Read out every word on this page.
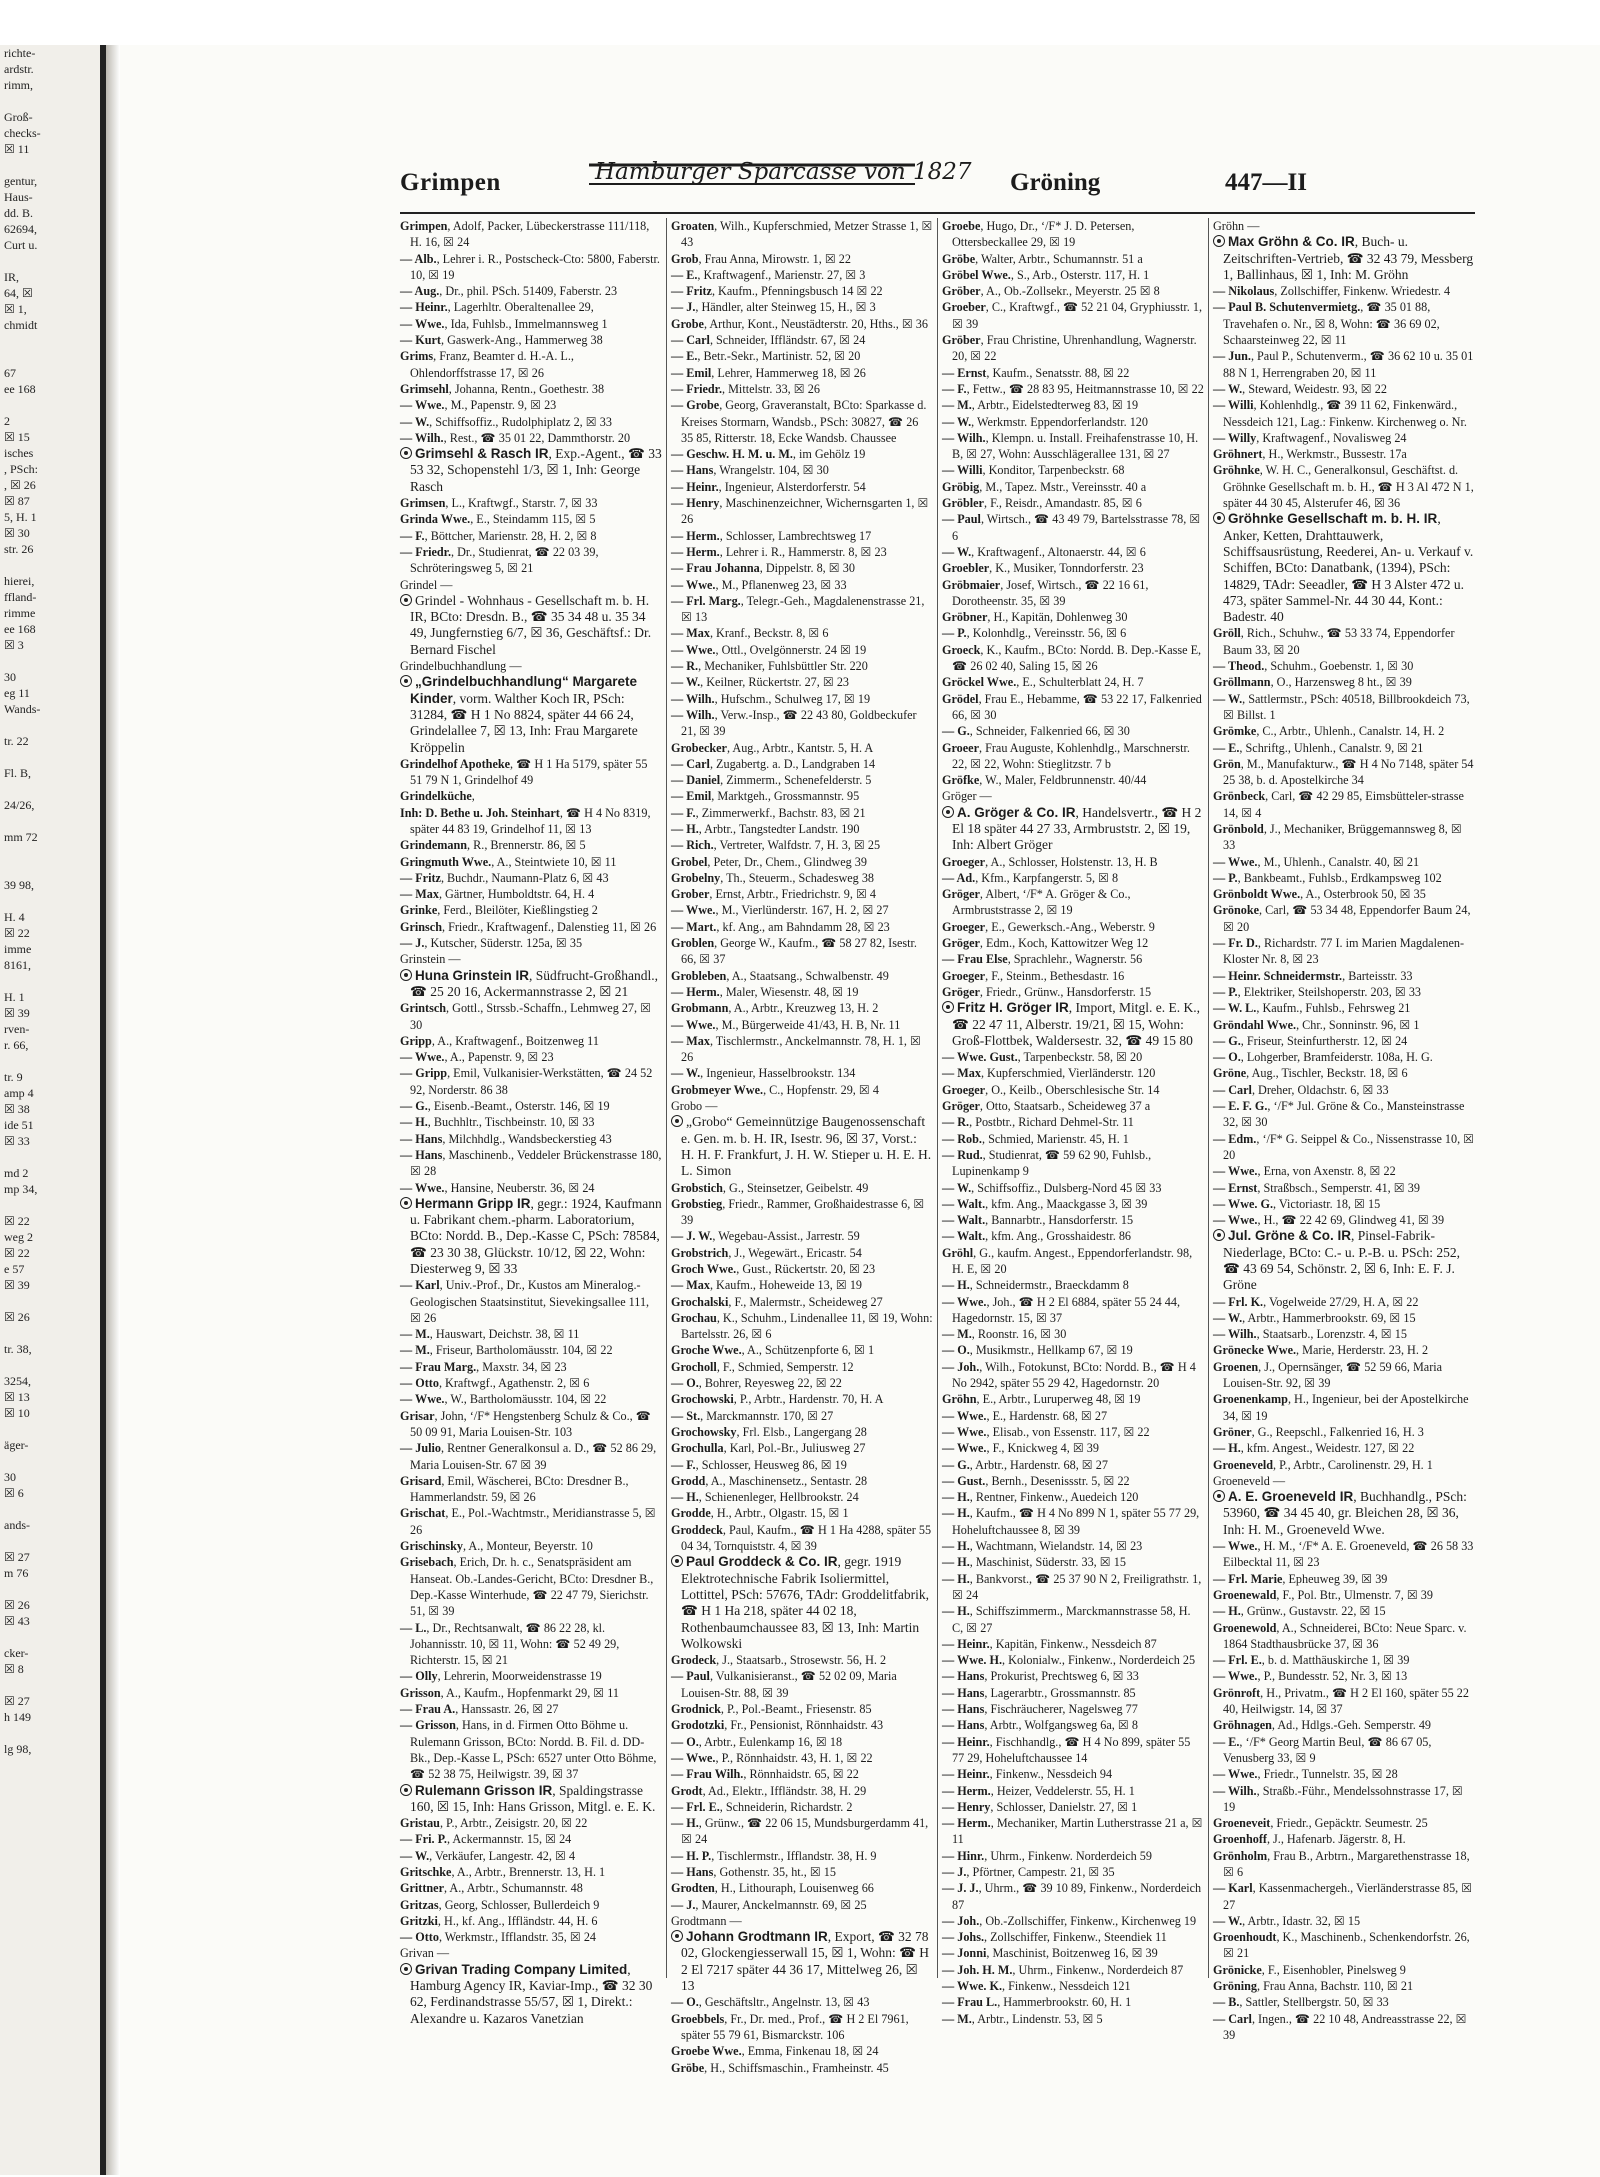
richte-
ardstr.
rimm,

Groß-
checks-
☒ 11

gentur,
Haus-
dd. B.
62694,
Curt u.

IR,
64, ☒
☒ 1,
chmidt

67
ee 168

2
☒ 15
isches
, PSch:
, ☒ 26
☒ 87
5, H. 1
☒ 30
str. 26

hierei,
ffland-
rimme
ee 168
☒ 3

30
eg 11
Wands-

tr. 22

Fl. B,

24/26,

mm 72

39 98,

H. 4
☒ 22
imme
8161,

H. 1
☒ 39
rven-
r. 66,

tr. 9
amp 4
☒ 38
ide 51
☒ 33

md 2
mp 34,

☒ 22
weg 2
☒ 22
e 57
☒ 39

☒ 26

tr. 38,

3254,
☒ 13
☒ 10

äger-

30
☒ 6

ands-

☒ 27
m 76

☒ 26
☒ 43

cker-
☒ 8

☒ 27
h 149

lg 98,

Grimpen	Hamburger Sparcasse von 1827 Gröning	447—II

Grimpen, Adolf, Packer, Lübeckerstrasse 111/118, H. 16, ☒ 24

— Alb., Lehrer i. R., Postscheck-Cto: 5800, Faberstr. 10, ☒ 19

— Aug., Dr., phil. PSch. 51409, Faberstr. 23

— Heinr., Lagerhltr. Oberaltenallee 29,

— Wwe., Ida, Fuhlsb., Immelmannsweg 1

— Kurt, Gaswerk-Ang., Hammerweg 38

Grims, Franz, Beamter d. H.-A. L., Ohlendorffstrasse 17, ☒ 26

Grimsehl, Johanna, Rentn., Goethestr. 38

— Wwe., M., Papenstr. 9, ☒ 23

— W., Schiffsoffiz., Rudolphiplatz 2, ☒ 33

— Wilh., Rest., ☎ 35 01 22, Dammthorstr. 20

Grimsehl & Rasch IR, Exp.-Agent., ☎ 33 53 32, Schopenstehl 1/3, ☒ 1, Inh: George Rasch

Grimsen, L., Kraftwgf., Starstr. 7, ☒ 33

Grinda Wwe., E., Steindamm 115, ☒ 5

— F., Böttcher, Marienstr. 28, H. 2, ☒ 8

— Friedr., Dr., Studienrat, ☎ 22 03 39, Schröteringsweg 5, ☒ 21

Grindel —

Grindel - Wohnhaus - Gesellschaft m. b. H. IR, BCto: Dresdn. B., ☎ 35 34 48 u. 35 34 49, Jungfernstieg 6/7, ☒ 36, Geschäftsf.: Dr. Bernard Fischel

Grindelbuchhandlung —

„Grindelbuchhandlung“ Margarete Kinder, vorm. Walther Koch IR, PSch: 31284, ☎ H 1 No 8824, später 44 66 24, Grindelallee 7, ☒ 13, Inh: Frau Margarete Kröppelin

Grindelhof Apotheke, ☎ H 1 Ha 5179, später 55 51 79 N 1, Grindelhof 49

Grindelküche,

Inh: D. Bethe u. Joh. Steinhart, ☎ H 4 No 8319, später 44 83 19, Grindelhof 11, ☒ 13

Grindemann, R., Brennerstr. 86, ☒ 5

Gringmuth Wwe., A., Steintwiete 10, ☒ 11

— Fritz, Buchdr., Naumann-Platz 6, ☒ 43

— Max, Gärtner, Humboldtstr. 64, H. 4

Grinke, Ferd., Bleilöter, Kießlingstieg 2

Grinsch, Friedr., Kraftwagenf., Dalenstieg 11, ☒ 26

— J., Kutscher, Süderstr. 125a, ☒ 35

Grinstein —

Huna Grinstein IR, Südfrucht-Großhandl., ☎ 25 20 16, Ackermannstrasse 2, ☒ 21

Grintsch, Gottl., Strssb.-Schaffn., Lehmweg 27, ☒ 30

Gripp, A., Kraftwagenf., Boitzenweg 11

— Wwe., A., Papenstr. 9, ☒ 23

— Gripp, Emil, Vulkanisier-Werkstätten, ☎ 24 52 92, Norderstr. 86 38

— G., Eisenb.-Beamt., Osterstr. 146, ☒ 19

— H., Buchhltr., Tischbeinstr. 10, ☒ 33

— Hans, Milchhdlg., Wandsbeckerstieg 43

— Hans, Maschinenb., Veddeler Brückenstrasse 180, ☒ 28

— Wwe., Hansine, Neuberstr. 36, ☒ 24

Hermann Gripp IR, gegr.: 1924, Kaufmann u. Fabrikant chem.-pharm. Laboratorium, BCto: Nordd. B., Dep.-Kasse C, PSch: 78584, ☎ 23 30 38, Glückstr. 10/12, ☒ 22, Wohn: Diesterweg 9, ☒ 33

— Karl, Univ.-Prof., Dr., Kustos am Mineralog.-Geologischen Staatsinstitut, Sievekingsallee 111, ☒ 26

— M., Hauswart, Deichstr. 38, ☒ 11

— M., Friseur, Bartholomäusstr. 104, ☒ 22

— Frau Marg., Maxstr. 34, ☒ 23

— Otto, Kraftwgf., Agathenstr. 2, ☒ 6

— Wwe., W., Bartholomäusstr. 104, ☒ 22

Grisar, John, ‘/F* Hengstenberg Schulz & Co., ☎ 50 09 91, Maria Louisen-Str. 103

— Julio, Rentner Generalkonsul a. D., ☎ 52 86 29, Maria Louisen-Str. 67 ☒ 39

Grisard, Emil, Wäscherei, BCto: Dresdner B., Hammerlandstr. 59, ☒ 26

Grischat, E., Pol.-Wachtmstr., Meridianstrasse 5, ☒ 26

Grischinsky, A., Monteur, Beyerstr. 10

Grisebach, Erich, Dr. h. c., Senatspräsident am Hanseat. Ob.-Landes-Gericht, BCto: Dresdner B., Dep.-Kasse Winterhude, ☎ 22 47 79, Sierichstr. 51, ☒ 39

— L., Dr., Rechtsanwalt, ☎ 86 22 28, kl. Johannisstr. 10, ☒ 11, Wohn: ☎ 52 49 29, Richterstr. 15, ☒ 21

— Olly, Lehrerin, Moorweidenstrasse 19

Grisson, A., Kaufm., Hopfenmarkt 29, ☒ 11

— Frau A., Hanssastr. 26, ☒ 27

— Grisson, Hans, in d. Firmen Otto Böhme u. Rulemann Grisson, BCto: Nordd. B. Fil. d. DD-Bk., Dep.-Kasse L, PSch: 6527 unter Otto Böhme, ☎ 52 38 75, Heilwigstr. 39, ☒ 37

Rulemann Grisson IR, Spaldingstrasse 160, ☒ 15, Inh: Hans Grisson, Mitgl. e. E. K.

Gristau, P., Arbtr., Zeisigstr. 20, ☒ 22

— Fri. P., Ackermannstr. 15, ☒ 24

— W., Verkäufer, Langestr. 42, ☒ 4

Gritschke, A., Arbtr., Brennerstr. 13, H. 1

Grittner, A., Arbtr., Schumannstr. 48

Gritzas, Georg, Schlosser, Bullerdeich 9

Gritzki, H., kf. Ang., Iffländstr. 44, H. 6

— Otto, Werkmstr., Ifflandstr. 35, ☒ 24

Grivan —

Grivan Trading Company Limited, Hamburg Agency IR, Kaviar-Imp., ☎ 32 30 62, Ferdinandstrasse 55/57, ☒ 1, Direkt.: Alexandre u. Kazaros Vanetzian

Groaten, Wilh., Kupferschmied, Metzer Strasse 1, ☒ 43

Grob, Frau Anna, Mirowstr. 1, ☒ 22

— E., Kraftwagenf., Marienstr. 27, ☒ 3

— Fritz, Kaufm., Pfenningsbusch 14 ☒ 22

— J., Händler, alter Steinweg 15, H., ☒ 3

Grobe, Arthur, Kont., Neustädterstr. 20, Hths., ☒ 36

— Carl, Schneider, Iffländstr. 67, ☒ 24

— E., Betr.-Sekr., Martinistr. 52, ☒ 20

— Emil, Lehrer, Hammerweg 18, ☒ 26

— Friedr., Mittelstr. 33, ☒ 26

— Grobe, Georg, Graveranstalt, BCto: Sparkasse d. Kreises Stormarn, Wandsb., PSch: 30827, ☎ 26 35 85, Ritterstr. 18, Ecke Wandsb. Chaussee

— Geschw. H. M. u. M., im Gehölz 19

— Hans, Wrangelstr. 104, ☒ 30

— Heinr., Ingenieur, Alsterdorferstr. 54

— Henry, Maschinenzeichner, Wichernsgarten 1, ☒ 26

— Herm., Schlosser, Lambrechtsweg 17

— Herm., Lehrer i. R., Hammerstr. 8, ☒ 23

— Frau Johanna, Dippelstr. 8, ☒ 30

— Wwe., M., Pflanenweg 23, ☒ 33

— Frl. Marg., Telegr.-Geh., Magdalenenstrasse 21, ☒ 13

— Max, Kranf., Beckstr. 8, ☒ 6

— Wwe., Ottl., Ovelgönnerstr. 24 ☒ 19

— R., Mechaniker, Fuhlsbüttler Str. 220

— W., Keilner, Rückertstr. 27, ☒ 23

— Wilh., Hufschm., Schulweg 17, ☒ 19

— Wilh., Verw.-Insp., ☎ 22 43 80, Goldbeckufer 21, ☒ 39

Grobecker, Aug., Arbtr., Kantstr. 5, H. A

— Carl, Zugabertg. a. D., Landgraben 14

— Daniel, Zimmerm., Schenefelderstr. 5

— Emil, Marktgeh., Grossmannstr. 95

— F., Zimmerwerkf., Bachstr. 83, ☒ 21

— H., Arbtr., Tangstedter Landstr. 190

— Rich., Vertreter, Walfdstr. 7, H. 3, ☒ 25

Grobel, Peter, Dr., Chem., Glindweg 39

Grobelny, Th., Steuerm., Schadesweg 38

Grober, Ernst, Arbtr., Friedrichstr. 9, ☒ 4

— Wwe., M., Vierlünderstr. 167, H. 2, ☒ 27

— Mart., kf. Ang., am Bahndamm 28, ☒ 23

Groblen, George W., Kaufm., ☎ 58 27 82, Isestr. 66, ☒ 37

Grobleben, A., Staatsang., Schwalbenstr. 49

— Herm., Maler, Wiesenstr. 48, ☒ 19

Grobmann, A., Arbtr., Kreuzweg 13, H. 2

— Wwe., M., Bürgerweide 41/43, H. B, Nr. 11

— Max, Tischlermstr., Anckelmannstr. 78, H. 1, ☒ 26

— W., Ingenieur, Hasselbrookstr. 134

Grobmeyer Wwe., C., Hopfenstr. 29, ☒ 4

Grobo —

„Grobo“ Gemeinnützige Baugenossenschaft e. Gen. m. b. H. IR, Isestr. 96, ☒ 37, Vorst.: H. H. F. Frankfurt, J. H. W. Stieper u. H. E. H. L. Simon

Grobstich, G., Steinsetzer, Geibelstr. 49

Grobstieg, Friedr., Rammer, Großhaidestrasse 6, ☒ 39

— J. W., Wegebau-Assist., Jarrestr. 59

Grobstrich, J., Wegewärt., Ericastr. 54

Groch Wwe., Gust., Rückertstr. 20, ☒ 23

— Max, Kaufm., Hoheweide 13, ☒ 19

Grochalski, F., Malermstr., Scheideweg 27

Grochau, K., Schuhm., Lindenallee 11, ☒ 19, Wohn: Bartelsstr. 26, ☒ 6

Groche Wwe., A., Schützenpforte 6, ☒ 1

Grocholl, F., Schmied, Semperstr. 12

— O., Bohrer, Reyesweg 22, ☒ 22

Grochowski, P., Arbtr., Hardenstr. 70, H. A

— St., Marckmannstr. 170, ☒ 27

Grochowsky, Frl. Elsb., Langergang 28

Grochulla, Karl, Pol.-Br., Juliusweg 27

— F., Schlosser, Heusweg 86, ☒ 19

Grodd, A., Maschinensetz., Sentastr. 28

— H., Schienenleger, Hellbrookstr. 24

Grodde, H., Arbtr., Olgastr. 15, ☒ 1

Groddeck, Paul, Kaufm., ☎ H 1 Ha 4288, später 55 04 34, Tornquiststr. 4, ☒ 39

Paul Groddeck & Co. IR, gegr. 1919 Elektrotechnische Fabrik Isoliermittel, Lottittel, PSch: 57676, TAdr: Groddelitfabrik, ☎ H 1 Ha 218, später 44 02 18, Rothenbaumchaussee 83, ☒ 13, Inh: Martin Wolkowski

Grodeck, J., Staatsarb., Strosewstr. 56, H. 2

— Paul, Vulkanisieranst., ☎ 52 02 09, Maria Louisen-Str. 88, ☒ 39

Grodnick, P., Pol.-Beamt., Friesenstr. 85

Grodotzki, Fr., Pensionist, Rönnhaidstr. 43

— O., Arbtr., Eulenkamp 16, ☒ 18

— Wwe., P., Rönnhaidstr. 43, H. 1, ☒ 22

— Frau Wilh., Rönnhaidstr. 65, ☒ 22

Grodt, Ad., Elektr., Iffländstr. 38, H. 29

— Frl. E., Schneiderin, Richardstr. 2

— H., Grünw., ☎ 22 06 15, Mundsburgerdamm 41, ☒ 24

— H. P., Tischlermstr., Ifflandstr. 38, H. 9

— Hans, Gothenstr. 35, ht., ☒ 15

Grodten, H., Lithouraph, Louisenweg 66

— J., Maurer, Anckelmannstr. 69, ☒ 25

Grodtmann —

Johann Grodtmann IR, Export, ☎ 32 78 02, Glockengiesserwall 15, ☒ 1, Wohn: ☎ H 2 El 7217 später 44 36 17, Mittelweg 26, ☒ 13

— O., Geschäftsltr., Angelnstr. 13, ☒ 43

Groebbels, Fr., Dr. med., Prof., ☎ H 2 El 7961, später 55 79 61, Bismarckstr. 106

Groebe Wwe., Emma, Finkenau 18, ☒ 24

Gröbe, H., Schiffsmaschin., Framheinstr. 45

Groebe, Hugo, Dr., ‘/F* J. D. Petersen, Ottersbeckallee 29, ☒ 19

Gröbe, Walter, Arbtr., Schumannstr. 51 a

Gröbel Wwe., S., Arb., Osterstr. 117, H. 1

Gröber, A., Ob.-Zollsekr., Meyerstr. 25 ☒ 8

Groeber, C., Kraftwgf., ☎ 52 21 04, Gryphiusstr. 1, ☒ 39

Gröber, Frau Christine, Uhrenhandlung, Wagnerstr. 20, ☒ 22

— Ernst, Kaufm., Senatsstr. 88, ☒ 22

— F., Fettw., ☎ 28 83 95, Heitmannstrasse 10, ☒ 22

— M., Arbtr., Eidelstedterweg 83, ☒ 19

— W., Werkmstr. Eppendorferlandstr. 120

— Wilh., Klempn. u. Install. Freihafenstrasse 10, H. B, ☒ 27, Wohn: Ausschlägerallee 131, ☒ 27

— Willi, Konditor, Tarpenbeckstr. 68

Gröbig, M., Tapez. Mstr., Vereinsstr. 40 a

Gröbler, F., Reisdr., Amandastr. 85, ☒ 6

— Paul, Wirtsch., ☎ 43 49 79, Bartelsstrasse 78, ☒ 6

— W., Kraftwagenf., Altonaerstr. 44, ☒ 6

Groebler, K., Musiker, Tonndorferstr. 23

Gröbmaier, Josef, Wirtsch., ☎ 22 16 61, Dorotheenstr. 35, ☒ 39

Gröbner, H., Kapitän, Dohlenweg 30

— P., Kolonhdlg., Vereinsstr. 56, ☒ 6

Groeck, K., Kaufm., BCto: Nordd. B. Dep.-Kasse E, ☎ 26 02 40, Saling 15, ☒ 26

Gröckel Wwe., E., Schulterblatt 24, H. 7

Grödel, Frau E., Hebamme, ☎ 53 22 17, Falkenried 66, ☒ 30

— G., Schneider, Falkenried 66, ☒ 30

Groeer, Frau Auguste, Kohlenhdlg., Marschnerstr. 22, ☒ 22, Wohn: Stieglitzstr. 7 b

Gröfke, W., Maler, Feldbrunnenstr. 40/44

Gröger —

A. Gröger & Co. IR, Handelsvertr., ☎ H 2 El 18 später 44 27 33, Armbruststr. 2, ☒ 19, Inh: Albert Gröger

Groeger, A., Schlosser, Holstenstr. 13, H. B

— Ad., Kfm., Karpfangerstr. 5, ☒ 8

Gröger, Albert, ‘/F* A. Gröger & Co., Armbruststrasse 2, ☒ 19

Groeger, E., Gewerksch.-Ang., Weberstr. 9

Gröger, Edm., Koch, Kattowitzer Weg 12

— Frau Else, Sprachlehr., Wagnerstr. 56

Groeger, F., Steinm., Bethesdastr. 16

Gröger, Friedr., Grünw., Hansdorferstr. 15

Fritz H. Gröger IR, Import, Mitgl. e. E. K., ☎ 22 47 11, Alberstr. 19/21, ☒ 15, Wohn: Groß-Flottbek, Waldersestr. 32, ☎ 49 15 80

— Wwe. Gust., Tarpenbeckstr. 58, ☒ 20

— Max, Kupferschmied, Vierländerstr. 120

Groeger, O., Keilb., Oberschlesische Str. 14

Gröger, Otto, Staatsarb., Scheideweg 37 a

— R., Postbtr., Richard Dehmel-Str. 11

— Rob., Schmied, Marienstr. 45, H. 1

— Rud., Studienrat, ☎ 59 62 90, Fuhlsb., Lupinenkamp 9

— W., Schiffsoffiz., Dulsberg-Nord 45 ☒ 33

— Walt., kfm. Ang., Maackgasse 3, ☒ 39

— Walt., Bannarbtr., Hansdorferstr. 15

— Walt., kfm. Ang., Grosshaidestr. 86

Gröhl, G., kaufm. Angest., Eppendorferlandstr. 98, H. E, ☒ 20

— H., Schneidermstr., Braeckdamm 8

— Wwe., Joh., ☎ H 2 El 6884, später 55 24 44, Hagedornstr. 15, ☒ 37

— M., Roonstr. 16, ☒ 30

— O., Musikmstr., Hellkamp 67, ☒ 19

— Joh., Wilh., Fotokunst, BCto: Nordd. B., ☎ H 4 No 2942, später 55 29 42, Hagedornstr. 20

Gröhn, E., Arbtr., Luruperweg 48, ☒ 19

— Wwe., E., Hardenstr. 68, ☒ 27

— Wwe., Elisab., von Essenstr. 117, ☒ 22

— Wwe., F., Knickweg 4, ☒ 39

— G., Arbtr., Hardenstr. 68, ☒ 27

— Gust., Bernh., Desenissstr. 5, ☒ 22

— H., Rentner, Finkenw., Auedeich 120

— H., Kaufm., ☎ H 4 No 899 N 1, später 55 77 29, Hoheluftchaussee 8, ☒ 39

— H., Wachtmann, Wielandstr. 14, ☒ 23

— H., Maschinist, Süderstr. 33, ☒ 15

— H., Bankvorst., ☎ 25 37 90 N 2, Freiligrathstr. 1, ☒ 24

— H., Schiffszimmerm., Marckmannstrasse 58, H. C, ☒ 27

— Heinr., Kapitän, Finkenw., Nessdeich 87

— Wwe. H., Kolonialw., Finkenw., Norderdeich 25

— Hans, Prokurist, Prechtsweg 6, ☒ 33

— Hans, Lagerarbtr., Grossmannstr. 85

— Hans, Fischräucherer, Nagelsweg 77

— Hans, Arbtr., Wolfgangsweg 6a, ☒ 8

— Heinr., Fischhandlg., ☎ H 4 No 899, später 55 77 29, Hoheluftchaussee 14

— Heinr., Finkenw., Nessdeich 94

— Herm., Heizer, Veddelerstr. 55, H. 1

— Henry, Schlosser, Danielstr. 27, ☒ 1

— Herm., Mechaniker, Martin Lutherstrasse 21 a, ☒ 11

— Hinr., Uhrm., Finkenw. Norderdeich 59

— J., Pförtner, Campestr. 21, ☒ 35

— J. J., Uhrm., ☎ 39 10 89, Finkenw., Norderdeich 87

— Joh., Ob.-Zollschiffer, Finkenw., Kirchenweg 19

— Johs., Zollschiffer, Finkenw., Steendiek 11

— Jonni, Maschinist, Boitzenweg 16, ☒ 39

— Joh. H. M., Uhrm., Finkenw., Norderdeich 87

— Wwe. K., Finkenw., Nessdeich 121

— Frau L., Hammerbrookstr. 60, H. 1

— M., Arbtr., Lindenstr. 53, ☒ 5

Gröhn —

Max Gröhn & Co. IR, Buch- u. Zeitschriften-Vertrieb, ☎ 32 43 79, Messberg 1, Ballinhaus, ☒ 1, Inh: M. Gröhn

— Nikolaus, Zollschiffer, Finkenw. Wriedestr. 4

— Paul B. Schutenvermietg., ☎ 35 01 88, Travehafen o. Nr., ☒ 8, Wohn: ☎ 36 69 02, Schaarsteinweg 22, ☒ 11

— Jun., Paul P., Schutenverm., ☎ 36 62 10 u. 35 01 88 N 1, Herrengraben 20, ☒ 11

— W., Steward, Weidestr. 93, ☒ 22

— Willi, Kohlenhdlg., ☎ 39 11 62, Finkenwärd., Nessdeich 121, Lag.: Finkenw. Kirchenweg o. Nr.

— Willy, Kraftwagenf., Novalisweg 24

Gröhnert, H., Werkmstr., Bussestr. 17a

Gröhnke, W. H. C., Generalkonsul, Geschäftst. d. Gröhnke Gesellschaft m. b. H., ☎ H 3 Al 472 N 1, später 44 30 45, Alsterufer 46, ☒ 36

Gröhnke Gesellschaft m. b. H. IR, Anker, Ketten, Drahttauwerk, Schiffsausrüstung, Reederei, An- u. Verkauf v. Schiffen, BCto: Danatbank, (1394), PSch: 14829, TAdr: Seeadler, ☎ H 3 Alster 472 u. 473, später Sammel-Nr. 44 30 44, Kont.: Badestr. 40

Gröll, Rich., Schuhw., ☎ 53 33 74, Eppendorfer Baum 33, ☒ 20

— Theod., Schuhm., Goebenstr. 1, ☒ 30

Gröllmann, O., Harzensweg 8 ht., ☒ 39

— W., Sattlermstr., PSch: 40518, Billbrookdeich 73, ☒ Billst. 1

Grömke, C., Arbtr., Uhlenh., Canalstr. 14, H. 2

— E., Schriftg., Uhlenh., Canalstr. 9, ☒ 21

Grön, M., Manufakturw., ☎ H 4 No 7148, später 54 25 38, b. d. Apostelkirche 34

Grönbeck, Carl, ☎ 42 29 85, Eimsbütteler-strasse 14, ☒ 4

Grönbold, J., Mechaniker, Brüggemannsweg 8, ☒ 33

— Wwe., M., Uhlenh., Canalstr. 40, ☒ 21

— P., Bankbeamt., Fuhlsb., Erdkampsweg 102

Grönboldt Wwe., A., Osterbrook 50, ☒ 35

Grönoke, Carl, ☎ 53 34 48, Eppendorfer Baum 24, ☒ 20

— Fr. D., Richardstr. 77 I. im Marien Magdalenen-Kloster Nr. 8, ☒ 23

— Heinr. Schneidermstr., Barteisstr. 33

— P., Elektriker, Steilshoperstr. 203, ☒ 33

— W. L., Kaufm., Fuhlsb., Fehrsweg 21

Gröndahl Wwe., Chr., Sonninstr. 96, ☒ 1

— G., Friseur, Steinfurtherstr. 12, ☒ 24

— O., Lohgerber, Bramfeiderstr. 108a, H. G.

Gröne, Aug., Tischler, Beckstr. 18, ☒ 6

— Carl, Dreher, Oldachstr. 6, ☒ 33

— E. F. G., ‘/F* Jul. Gröne & Co., Mansteinstrasse 32, ☒ 30

— Edm., ‘/F* G. Seippel & Co., Nissenstrasse 10, ☒ 20

— Wwe., Erna, von Axenstr. 8, ☒ 22

— Ernst, Straßbsch., Semperstr. 41, ☒ 39

— Wwe. G., Victoriastr. 18, ☒ 15

— Wwe., H., ☎ 22 42 69, Glindweg 41, ☒ 39

Jul. Gröne & Co. IR, Pinsel-Fabrik-Niederlage, BCto: C.- u. P.-B. u. PSch: 252, ☎ 43 69 54, Schönstr. 2, ☒ 6, Inh: E. F. J. Gröne

— Frl. K., Vogelweide 27/29, H. A, ☒ 22

— W., Arbtr., Hammerbrookstr. 69, ☒ 15

— Wilh., Staatsarb., Lorenzstr. 4, ☒ 15

Grönecke Wwe., Marie, Herderstr. 23, H. 2

Groenen, J., Opernsänger, ☎ 52 59 66, Maria Louisen-Str. 92, ☒ 39

Groenenkamp, H., Ingenieur, bei der Apostelkirche 34, ☒ 19

Gröner, G., Reepschl., Falkenried 16, H. 3

— H., kfm. Angest., Weidestr. 127, ☒ 22

Groeneveld, P., Arbtr., Carolinenstr. 29, H. 1

Groeneveld —

A. E. Groeneveld IR, Buchhandlg., PSch: 53960, ☎ 34 45 40, gr. Bleichen 28, ☒ 36, Inh: H. M., Groeneveld Wwe.

— Wwe., H. M., ‘/F* A. E. Groeneveld, ☎ 26 58 33 Eilbecktal 11, ☒ 23

— Frl. Marie, Epheuweg 39, ☒ 39

Groenewald, F., Pol. Btr., Ulmenstr. 7, ☒ 39

— H., Grünw., Gustavstr. 22, ☒ 15

Groenewold, A., Schneiderei, BCto: Neue Sparc. v. 1864 Stadthausbrücke 37, ☒ 36

— Frl. E., b. d. Matthäuskirche 1, ☒ 39

— Wwe., P., Bundesstr. 52, Nr. 3, ☒ 13

Grönroft, H., Privatm., ☎ H 2 El 160, später 55 22 40, Heilwigstr. 14, ☒ 37

Gröhnagen, Ad., Hdlgs.-Geh. Semperstr. 49

— E., ‘/F* Georg Martin Beul, ☎ 86 67 05, Venusberg 33, ☒ 9

— Wwe., Friedr., Tunnelstr. 35, ☒ 28

— Wilh., Straßb.-Führ., Mendelssohnstrasse 17, ☒ 19

Groeneveit, Friedr., Gepäcktr. Seumestr. 25

Groenhoff, J., Hafenarb. Jägerstr. 8, H.

Grönholm, Frau B., Arbtrn., Margarethenstrasse 18, ☒ 6

— Karl, Kassenmachergeh., Vierländerstrasse 85, ☒ 27

— W., Arbtr., Idastr. 32, ☒ 15

Groenhoudt, K., Maschinenb., Schenkendorfstr. 26, ☒ 21

Grönicke, F., Eisenhobler, Pinelsweg 9

Gröning, Frau Anna, Bachstr. 110, ☒ 21

— B., Sattler, Stellbergstr. 50, ☒ 33

— Carl, Ingen., ☎ 22 10 48, Andreasstrasse 22, ☒ 39
